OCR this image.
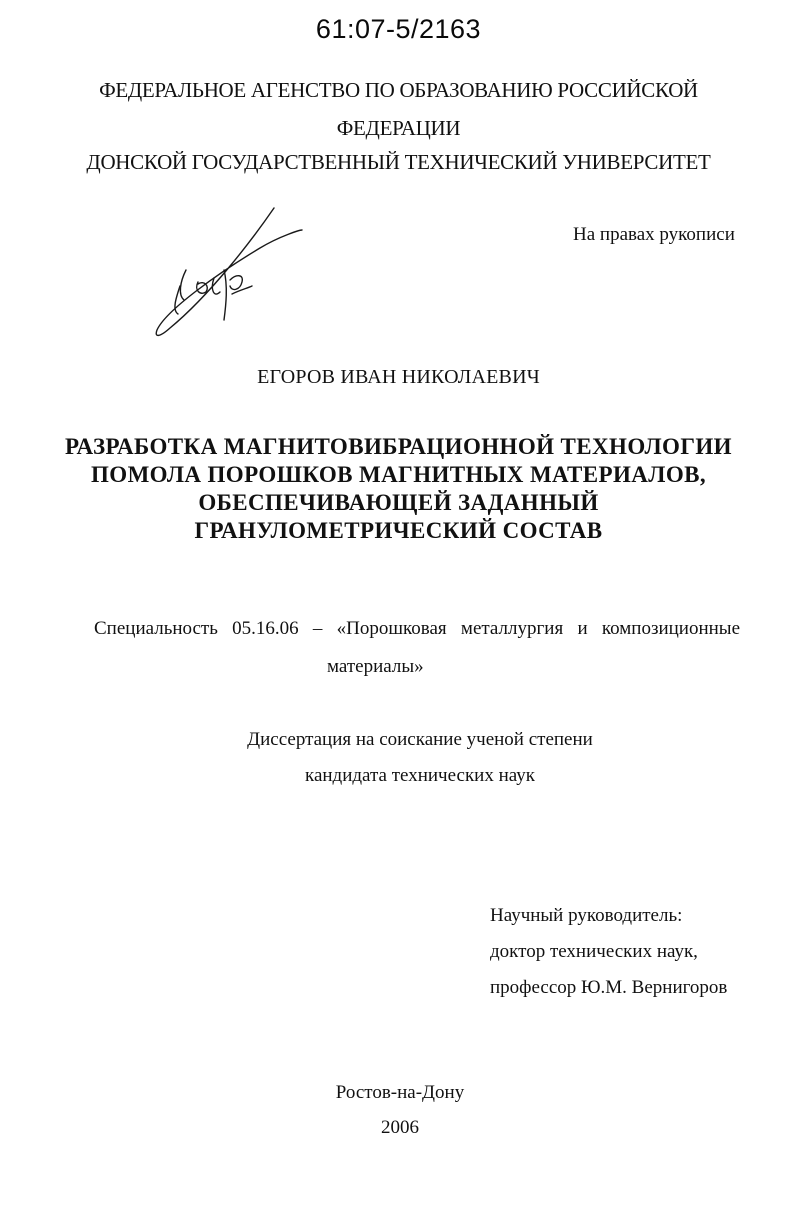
61:07-5/2163
ФЕДЕРАЛЬНОЕ АГЕНСТВО ПО ОБРАЗОВАНИЮ РОССИЙСКОЙ
ФЕДЕРАЦИИ
ДОНСКОЙ ГОСУДАРСТВЕННЫЙ ТЕХНИЧЕСКИЙ УНИВЕРСИТЕТ
На правах рукописи
ЕГОРОВ ИВАН НИКОЛАЕВИЧ
РАЗРАБОТКА МАГНИТОВИБРАЦИОННОЙ ТЕХНОЛОГИИ
ПОМОЛА ПОРОШКОВ МАГНИТНЫХ МАТЕРИАЛОВ,
ОБЕСПЕЧИВАЮЩЕЙ ЗАДАННЫЙ
ГРАНУЛОМЕТРИЧЕСКИЙ СОСТАВ
Специальность 05.16.06 – «Порошковая металлургия и композиционные
материалы»
Диссертация на соискание ученой степени
кандидата технических наук
Научный руководитель:
доктор технических наук,
профессор Ю.М. Вернигоров
Ростов-на-Дону
2006
